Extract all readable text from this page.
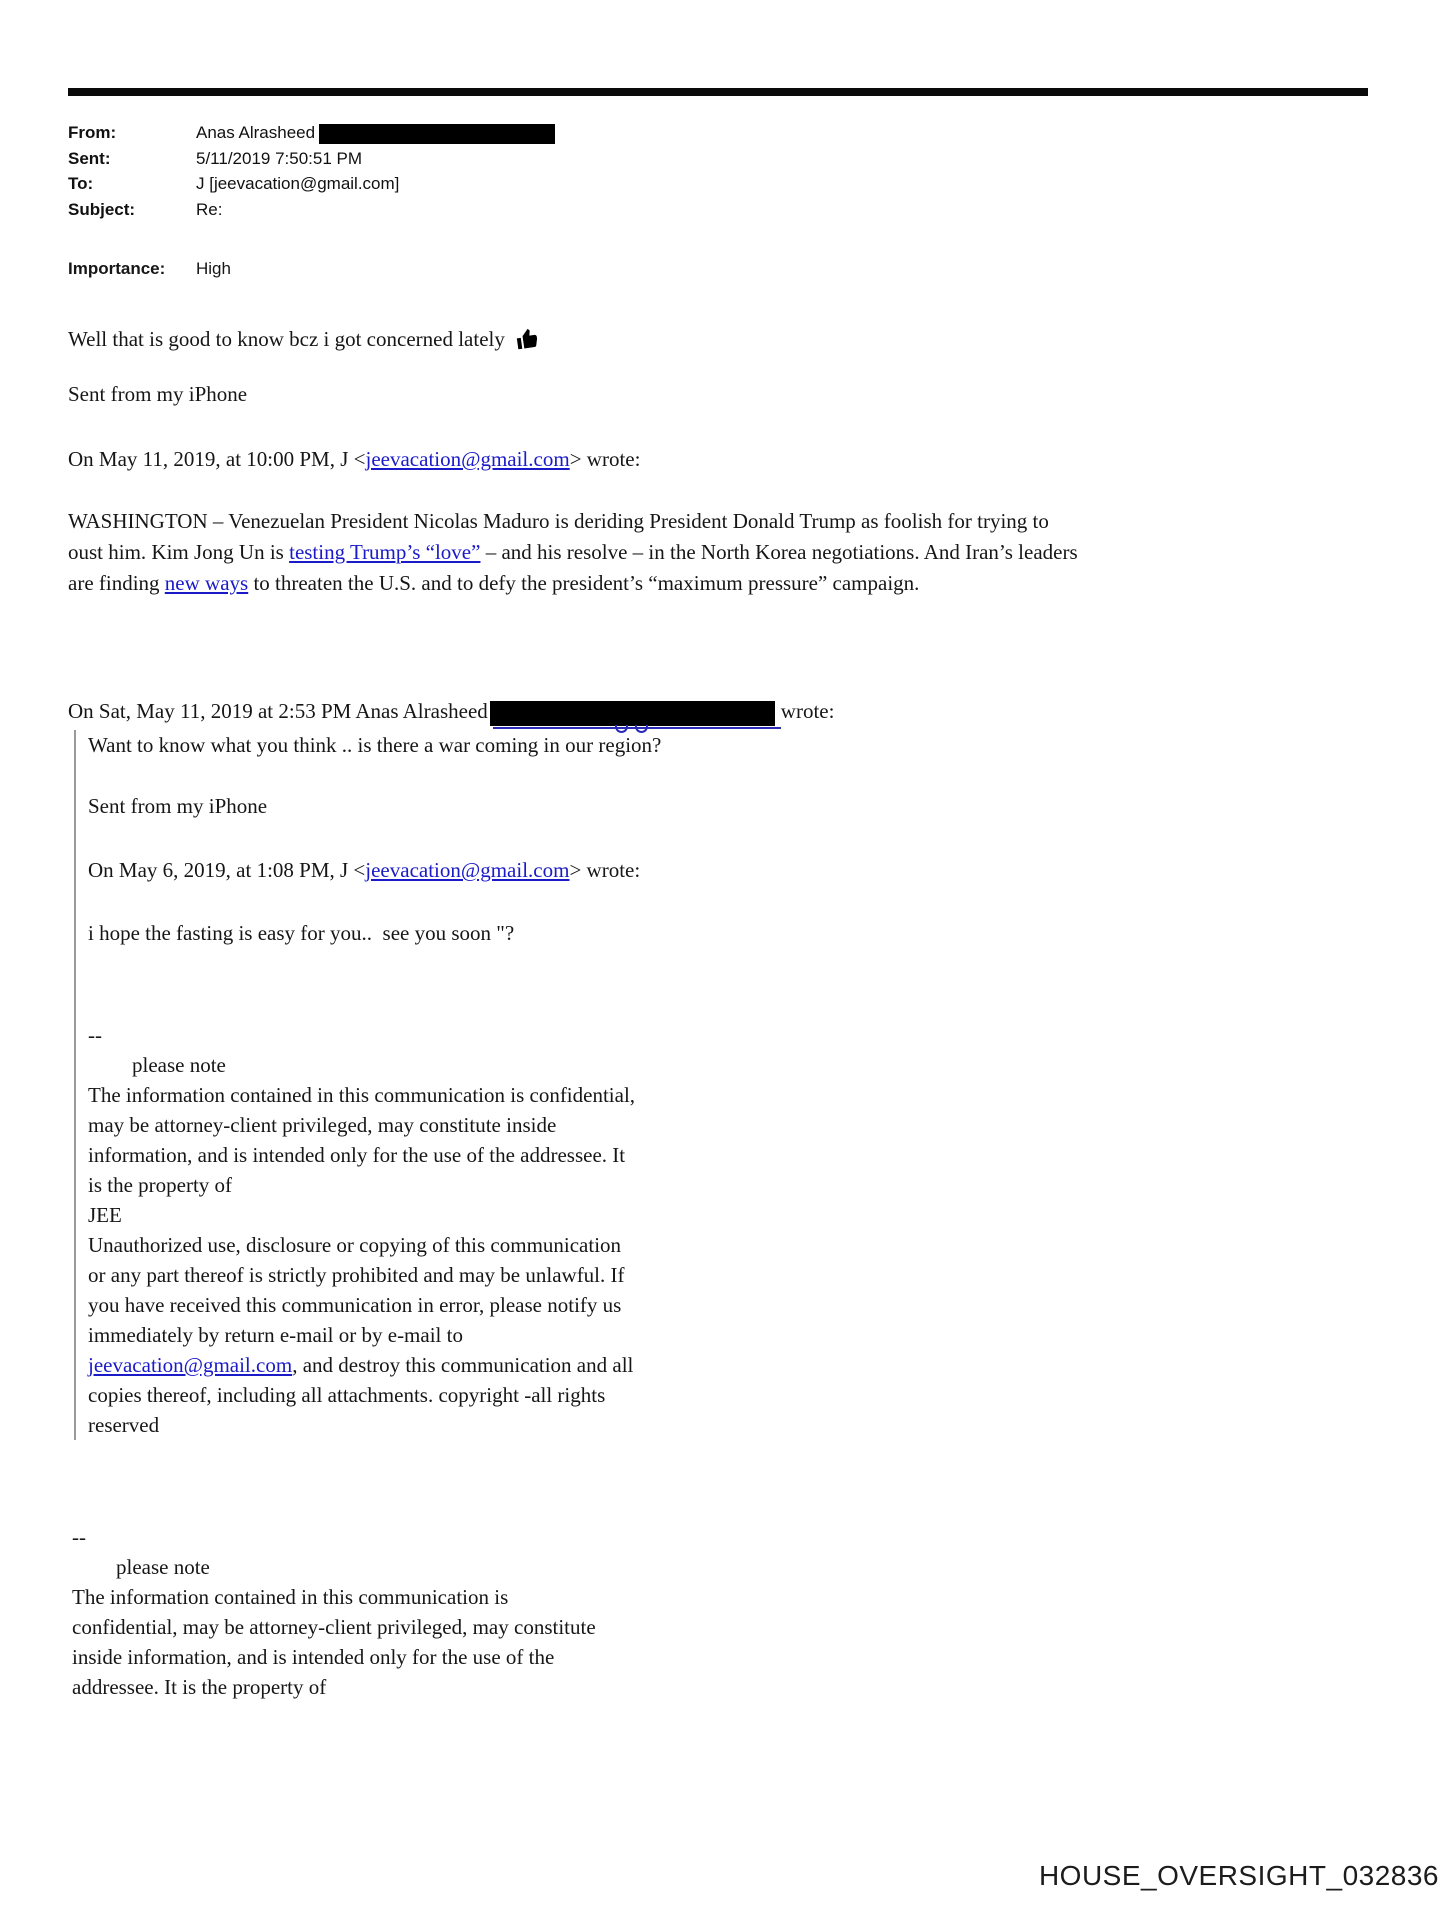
From:	Anas Alrasheed
Sent:	5/11/2019 7:50:51 PM
To:	J [jeevacation@gmail.com]
Subject:	Re:
Importance:	High
Well that is good to know bcz i got concerned lately
Sent from my iPhone
On May 11, 2019, at 10:00 PM, J <jeevacation@gmail.com> wrote:
WASHINGTON – Venezuelan President Nicolas Maduro is deriding President Donald Trump as foolish for trying to oust him. Kim Jong Un is testing Trump’s “love” – and his resolve – in the North Korea negotiations. And Iran’s leaders are finding new ways to threaten the U.S. and to defy the president’s “maximum pressure” campaign.
On Sat, May 11, 2019 at 2:53 PM Anas Alrasheed	wrote:
Want to know what you think .. is there a war coming in our region?
Sent from my iPhone
On May 6, 2019, at 1:08 PM, J <jeevacation@gmail.com> wrote:
i hope the fasting is easy for you..  see you soon "?
--
please note
The information contained in this communication is confidential, may be attorney-client privileged, may constitute inside information, and is intended only for the use of the addressee. It is the property of
JEE
Unauthorized use, disclosure or copying of this communication or any part thereof is strictly prohibited and may be unlawful. If you have received this communication in error, please notify us immediately by return e-mail or by e-mail to jeevacation@gmail.com, and destroy this communication and all copies thereof, including all attachments. copyright -all rights reserved
--
please note
The information contained in this communication is confidential, may be attorney-client privileged, may constitute inside information, and is intended only for the use of the addressee. It is the property of
HOUSE_OVERSIGHT_032836
